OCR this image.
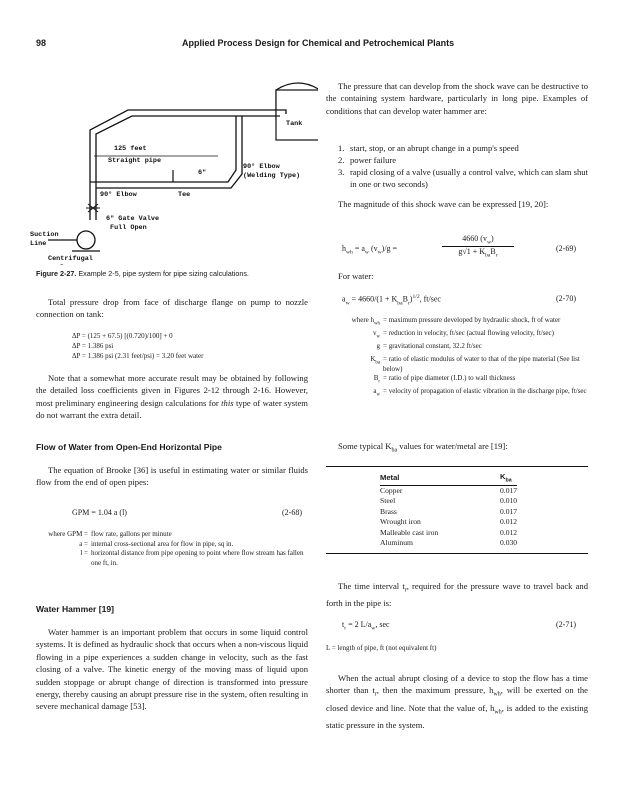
98	Applied Process Design for Chemical and Petrochemical Plants
Tank
125 feet
Straight pipe
6"
90° Elbow
(Welding Type)
90° Elbow	Tee
6" Gate Valve
Full Open
Suction
Line
Centrifugal
Figure 2-27. Example 2-5, pipe system for pipe sizing calculations.
Total pressure drop from face of discharge flange on pump to nozzle connection on tank:
ΔP = (125 + 67.5) [(0.720)/100] + 0
ΔP = 1.386 psi
ΔP = 1.386 psi (2.31 feet/psi) = 3.20 feet water
Note that a somewhat more accurate result may be obtained by following the detailed loss coefficients given in Figures 2-12 through 2-16. However, most preliminary engineering design calculations for this type of water system do not warrant the extra detail.
Flow of Water from Open-End Horizontal Pipe
The equation of Brooke [36] is useful in estimating water or similar fluids flow from the end of open pipes:
GPM = 1.04 a (l)	(2-68)
where GPM = flow rate, gallons per minute
a = internal cross-sectional area for flow in pipe, sq in.
l = horizontal distance from pipe opening to point where flow stream has fallen one ft, in.
Water Hammer [19]
Water hammer is an important problem that occurs in some liquid control systems. It is defined as hydraulic shock that occurs when a non-viscous liquid flowing in a pipe experiences a sudden change in velocity, such as the fast closing of a valve. The kinetic energy of the moving mass of liquid upon sudden stoppage or abrupt change of direction is transformed into pressure energy, thereby causing an abrupt pressure rise in the system, often resulting in severe mechanical damage [53].
The pressure that can develop from the shock wave can be destructive to the containing system hardware, particularly in long pipe. Examples of conditions that can develop water hammer are:
1. start, stop, or an abrupt change in a pump's speed
2. power failure
3. rapid closing of a valve (usually a control valve, which can slam shut in one or two seconds)
The magnitude of this shock wave can be expressed [19, 20]:
$h_{wh} = a_w$ $(v_w)/g$ =
4660 $(v_w)$
$g√1 + K_{ba}B_r$
(2-69)
For water:
$a_w = 4660/(1 + K_{ba}B_r)^{1/2}$, ft/sec	(2-70)
where $h_{wh}$ = maximum pressure developed by hydraulic shock, ft of water
$v_w$ = reduction in velocity, ft/sec (actual flowing velocity, ft/sec)
g = gravitational constant, 32.2 ft/sec
$K_{ba}$ = ratio of elastic modulus of water to that of the pipe material (See list below)
$B_r$ = ratio of pipe diameter (I.D.) to wall thickness
$a_w$ = velocity of propagation of elastic vibration in the discharge pipe, ft/sec
Some typical $K_{ba}$ values for water/metal are [19]:
Metal	$K_{ba}$
Copper	0.017
Steel	0.010
Brass	0.017
Wrought iron	0.012
Malleable cast iron	0.012
Aluminum	0.030
The time interval $t_r$, required for the pressure wave to travel back and forth in the pipe is:
$t_r = 2$ $L/a_w$, sec	(2-71)
L = length of pipe, ft (not equivalent ft)
When the actual abrupt closing of a device to stop the flow has a time shorter than $t_r$, then the maximum pressure, $h_{wh}$, will be exerted on the closed device and line. Note that the value of, $h_{wh}$, is added to the existing static pressure in the system.
